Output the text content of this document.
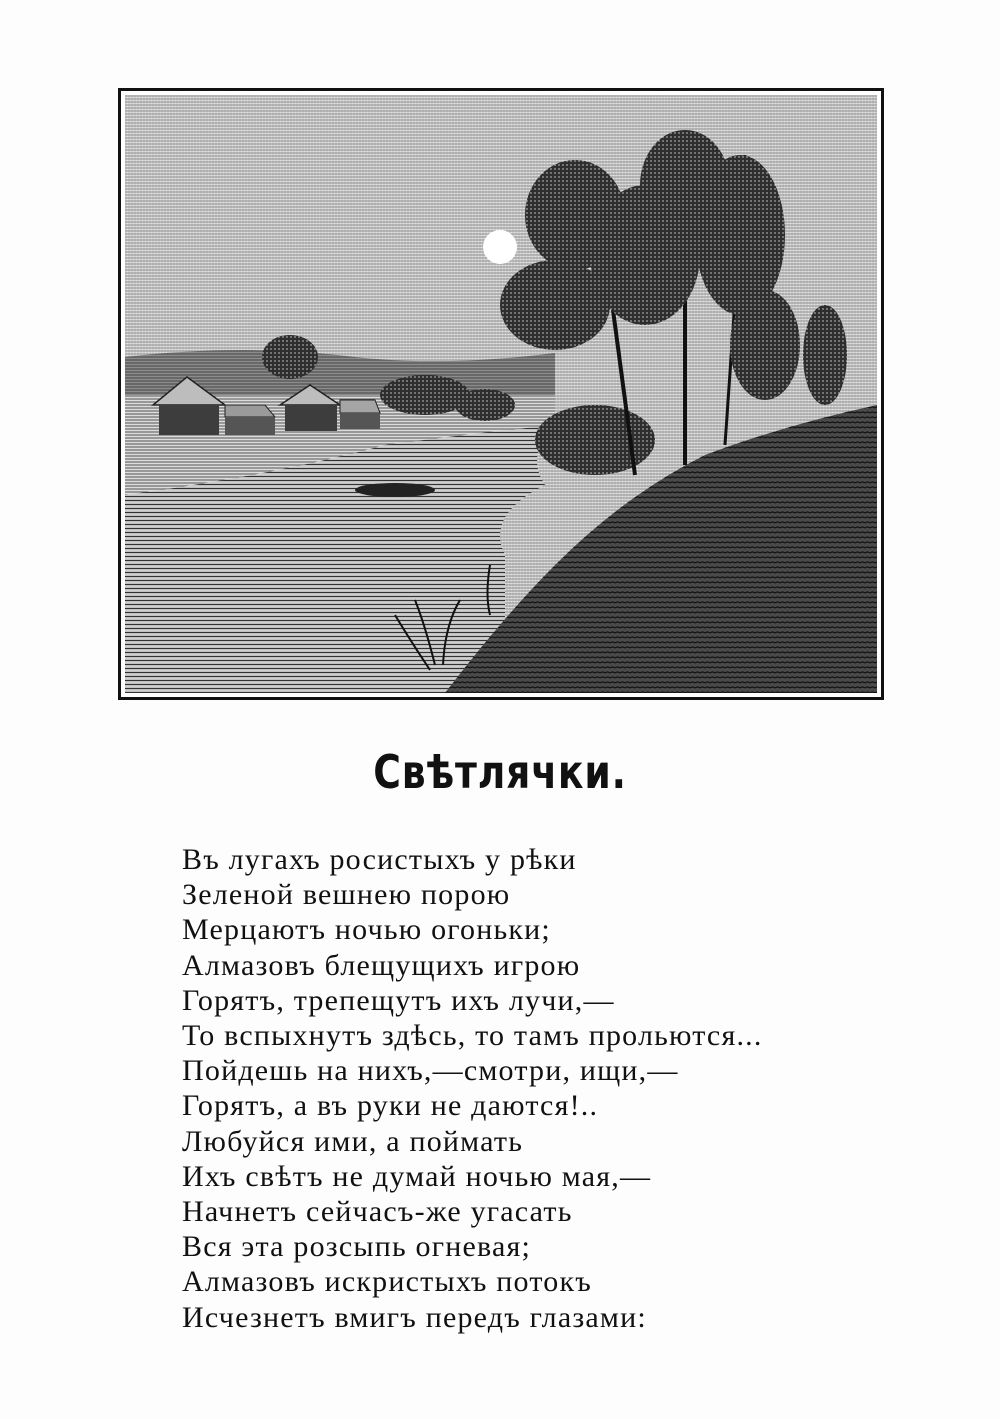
Свѣтлячки.
Въ лугахъ росистыхъ у рѣки
Зеленой вешнею порою
Мерцаютъ ночью огоньки;
Алмазовъ блещущихъ игрою
Горятъ, трепещутъ ихъ лучи,—
То вспыхнутъ здѣсь, то тамъ прольются...
Пойдешь на нихъ,—смотри, ищи,—
Горятъ, а въ руки не даются!..
Любуйся ими, а поймать
Ихъ свѣтъ не думай ночью мая,—
Начнетъ сейчасъ-же угасать
Вся эта розсыпь огневая;
Алмазовъ искристыхъ потокъ
Исчезнетъ вмигъ передъ глазами:
